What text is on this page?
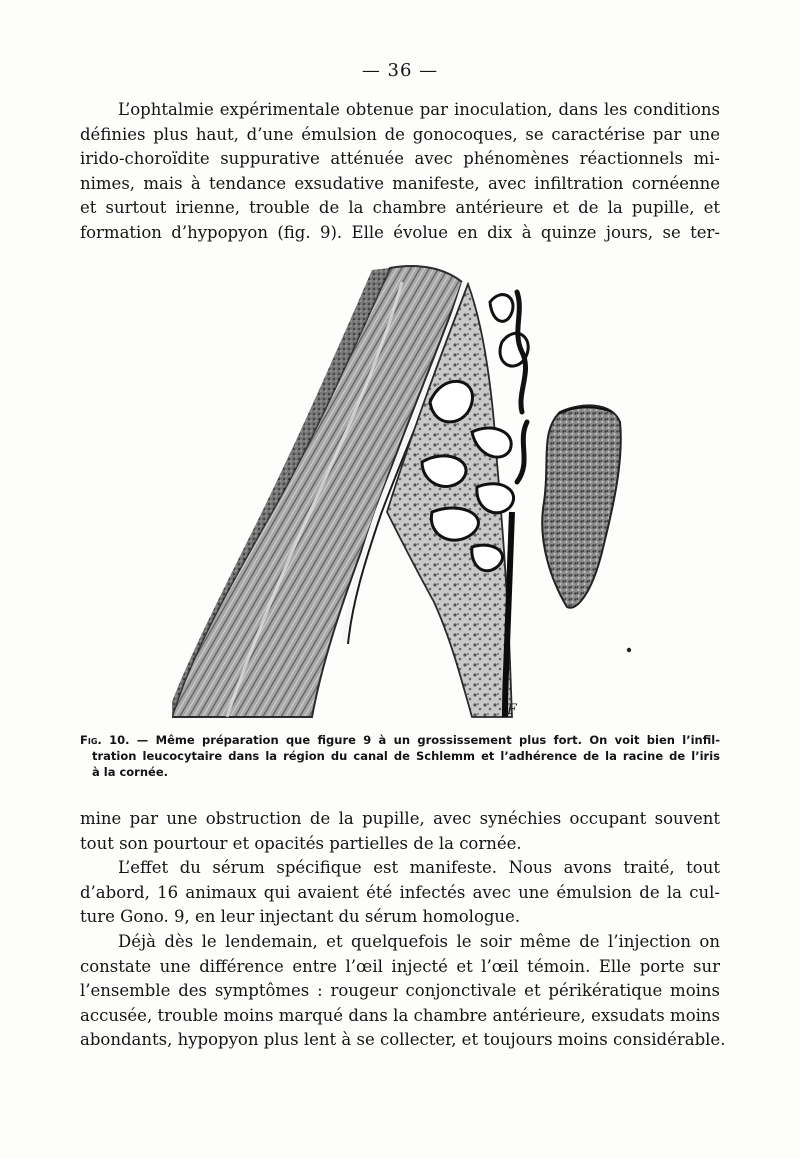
— 36 —

L’ophtalmie expérimentale obtenue par inoculation, dans les conditions
définies plus haut, d’une émulsion de gonocoques, se caractérise par une
irido-choroïdite suppurative atténuée avec phénomènes réactionnels mi-
nimes, mais à tendance exsudative manifeste, avec infiltration cornéenne
et surtout irienne, trouble de la chambre antérieure et de la pupille, et
formation d’hypopyon (fig. 9). Elle évolue en dix à quinze jours, se ter-

F

Fig. 10. — Même préparation que figure 9 à un grossissement plus fort. On voit bien l’infil-
tration leucocytaire dans la région du canal de Schlemm et l’adhérence de la racine de l’iris
à la cornée.

mine par une obstruction de la pupille, avec synéchies occupant souvent
tout son pourtour et opacités partielles de la cornée.

L’effet du sérum spécifique est manifeste. Nous avons traité, tout
d’abord, 16 animaux qui avaient été infectés avec une émulsion de la cul-
ture Gono. 9, en leur injectant du sérum homologue.

Déjà dès le lendemain, et quelquefois le soir même de l’injection on
constate une différence entre l’œil injecté et l’œil témoin. Elle porte sur
l’ensemble des symptômes : rougeur conjonctivale et périkératique moins
accusée, trouble moins marqué dans la chambre antérieure, exsudats moins
abondants, hypopyon plus lent à se collecter, et toujours moins considérable.
